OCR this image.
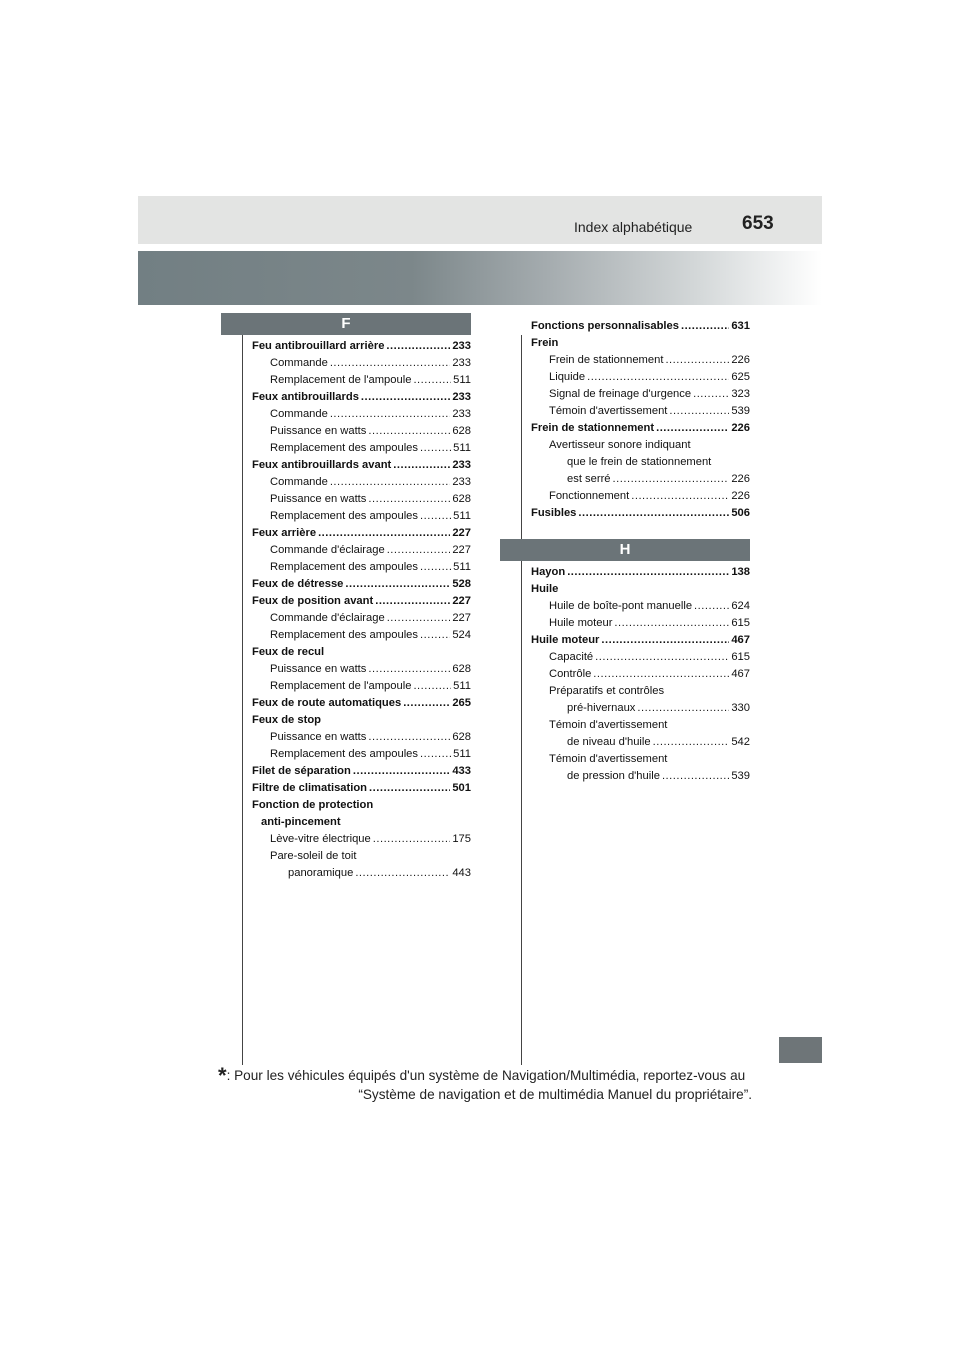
Index alphabétique	653
F
Feu antibrouillard arrière .....	233
Commande .....	233
Remplacement de l'ampoule .....	511
Feux antibrouillards .....	233
Commande .....	233
Puissance en watts .....	628
Remplacement des ampoules .....	511
Feux antibrouillards avant .....	233
Commande .....	233
Puissance en watts .....	628
Remplacement des ampoules .....	511
Feux arrière .....	227
Commande d'éclairage .....	227
Remplacement des ampoules .....	511
Feux de détresse .....	528
Feux de position avant .....	227
Commande d'éclairage .....	227
Remplacement des ampoules .....	524
Feux de recul
Puissance en watts .....	628
Remplacement de l'ampoule .....	511
Feux de route automatiques .....	265
Feux de stop
Puissance en watts .....	628
Remplacement des ampoules .....	511
Filet de séparation .....	433
Filtre de climatisation .....	501
Fonction de protection
anti-pincement
Lève-vitre électrique .....	175
Pare-soleil de toit
panoramique .....	443
Fonctions personnalisables .....	631
Frein
Frein de stationnement .....	226
Liquide .....	625
Signal de freinage d'urgence .....	323
Témoin d'avertissement .....	539
Frein de stationnement .....	226
Avertisseur sonore indiquant
que le frein de stationnement
est serré .....	226
Fonctionnement .....	226
Fusibles .....	506
H
Hayon .....	138
Huile
Huile de boîte-pont manuelle .....	624
Huile moteur .....	615
Huile moteur .....	467
Capacité .....	615
Contrôle .....	467
Préparatifs et contrôles
pré-hivernaux .....	330
Témoin d'avertissement
de niveau d'huile .....	542
Témoin d'avertissement
de pression d'huile .....	539
*: Pour les véhicules équipés d'un système de Navigation/Multimédia, reportez-vous au
“Système de navigation et de multimédia Manuel du propriétaire”.
